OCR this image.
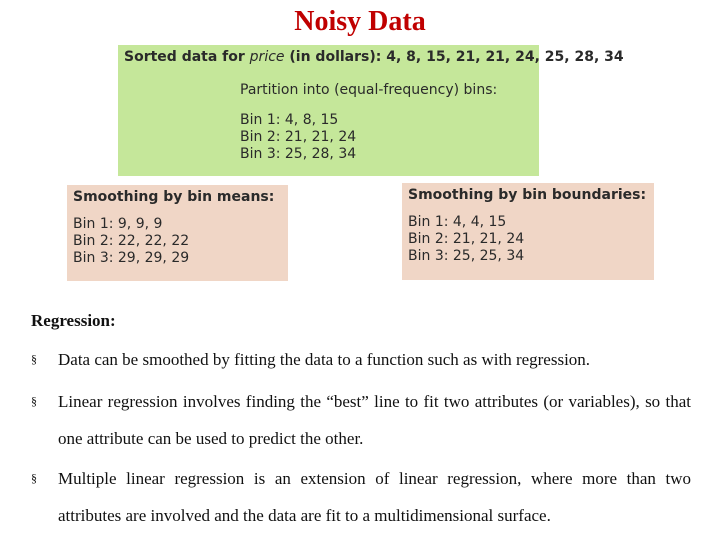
Noisy Data
Sorted data for price (in dollars): 4, 8, 15, 21, 21, 24, 25, 28, 34
Partition into (equal-frequency) bins:
Bin 1: 4, 8, 15
Bin 2: 21, 21, 24
Bin 3: 25, 28, 34
Smoothing by bin means:
Bin 1: 9, 9, 9
Bin 2: 22, 22, 22
Bin 3: 29, 29, 29
Smoothing by bin boundaries:
Bin 1: 4, 4, 15
Bin 2: 21, 21, 24
Bin 3: 25, 25, 34
Regression:
§	Data can be smoothed by fitting the data to a function such as with regression.
§	Linear regression involves finding the “best” line to fit two attributes (or variables), so that one attribute can be used to predict the other.
§	Multiple linear regression is an extension of linear regression, where more than two attributes are involved and the data are fit to a multidimensional surface.
